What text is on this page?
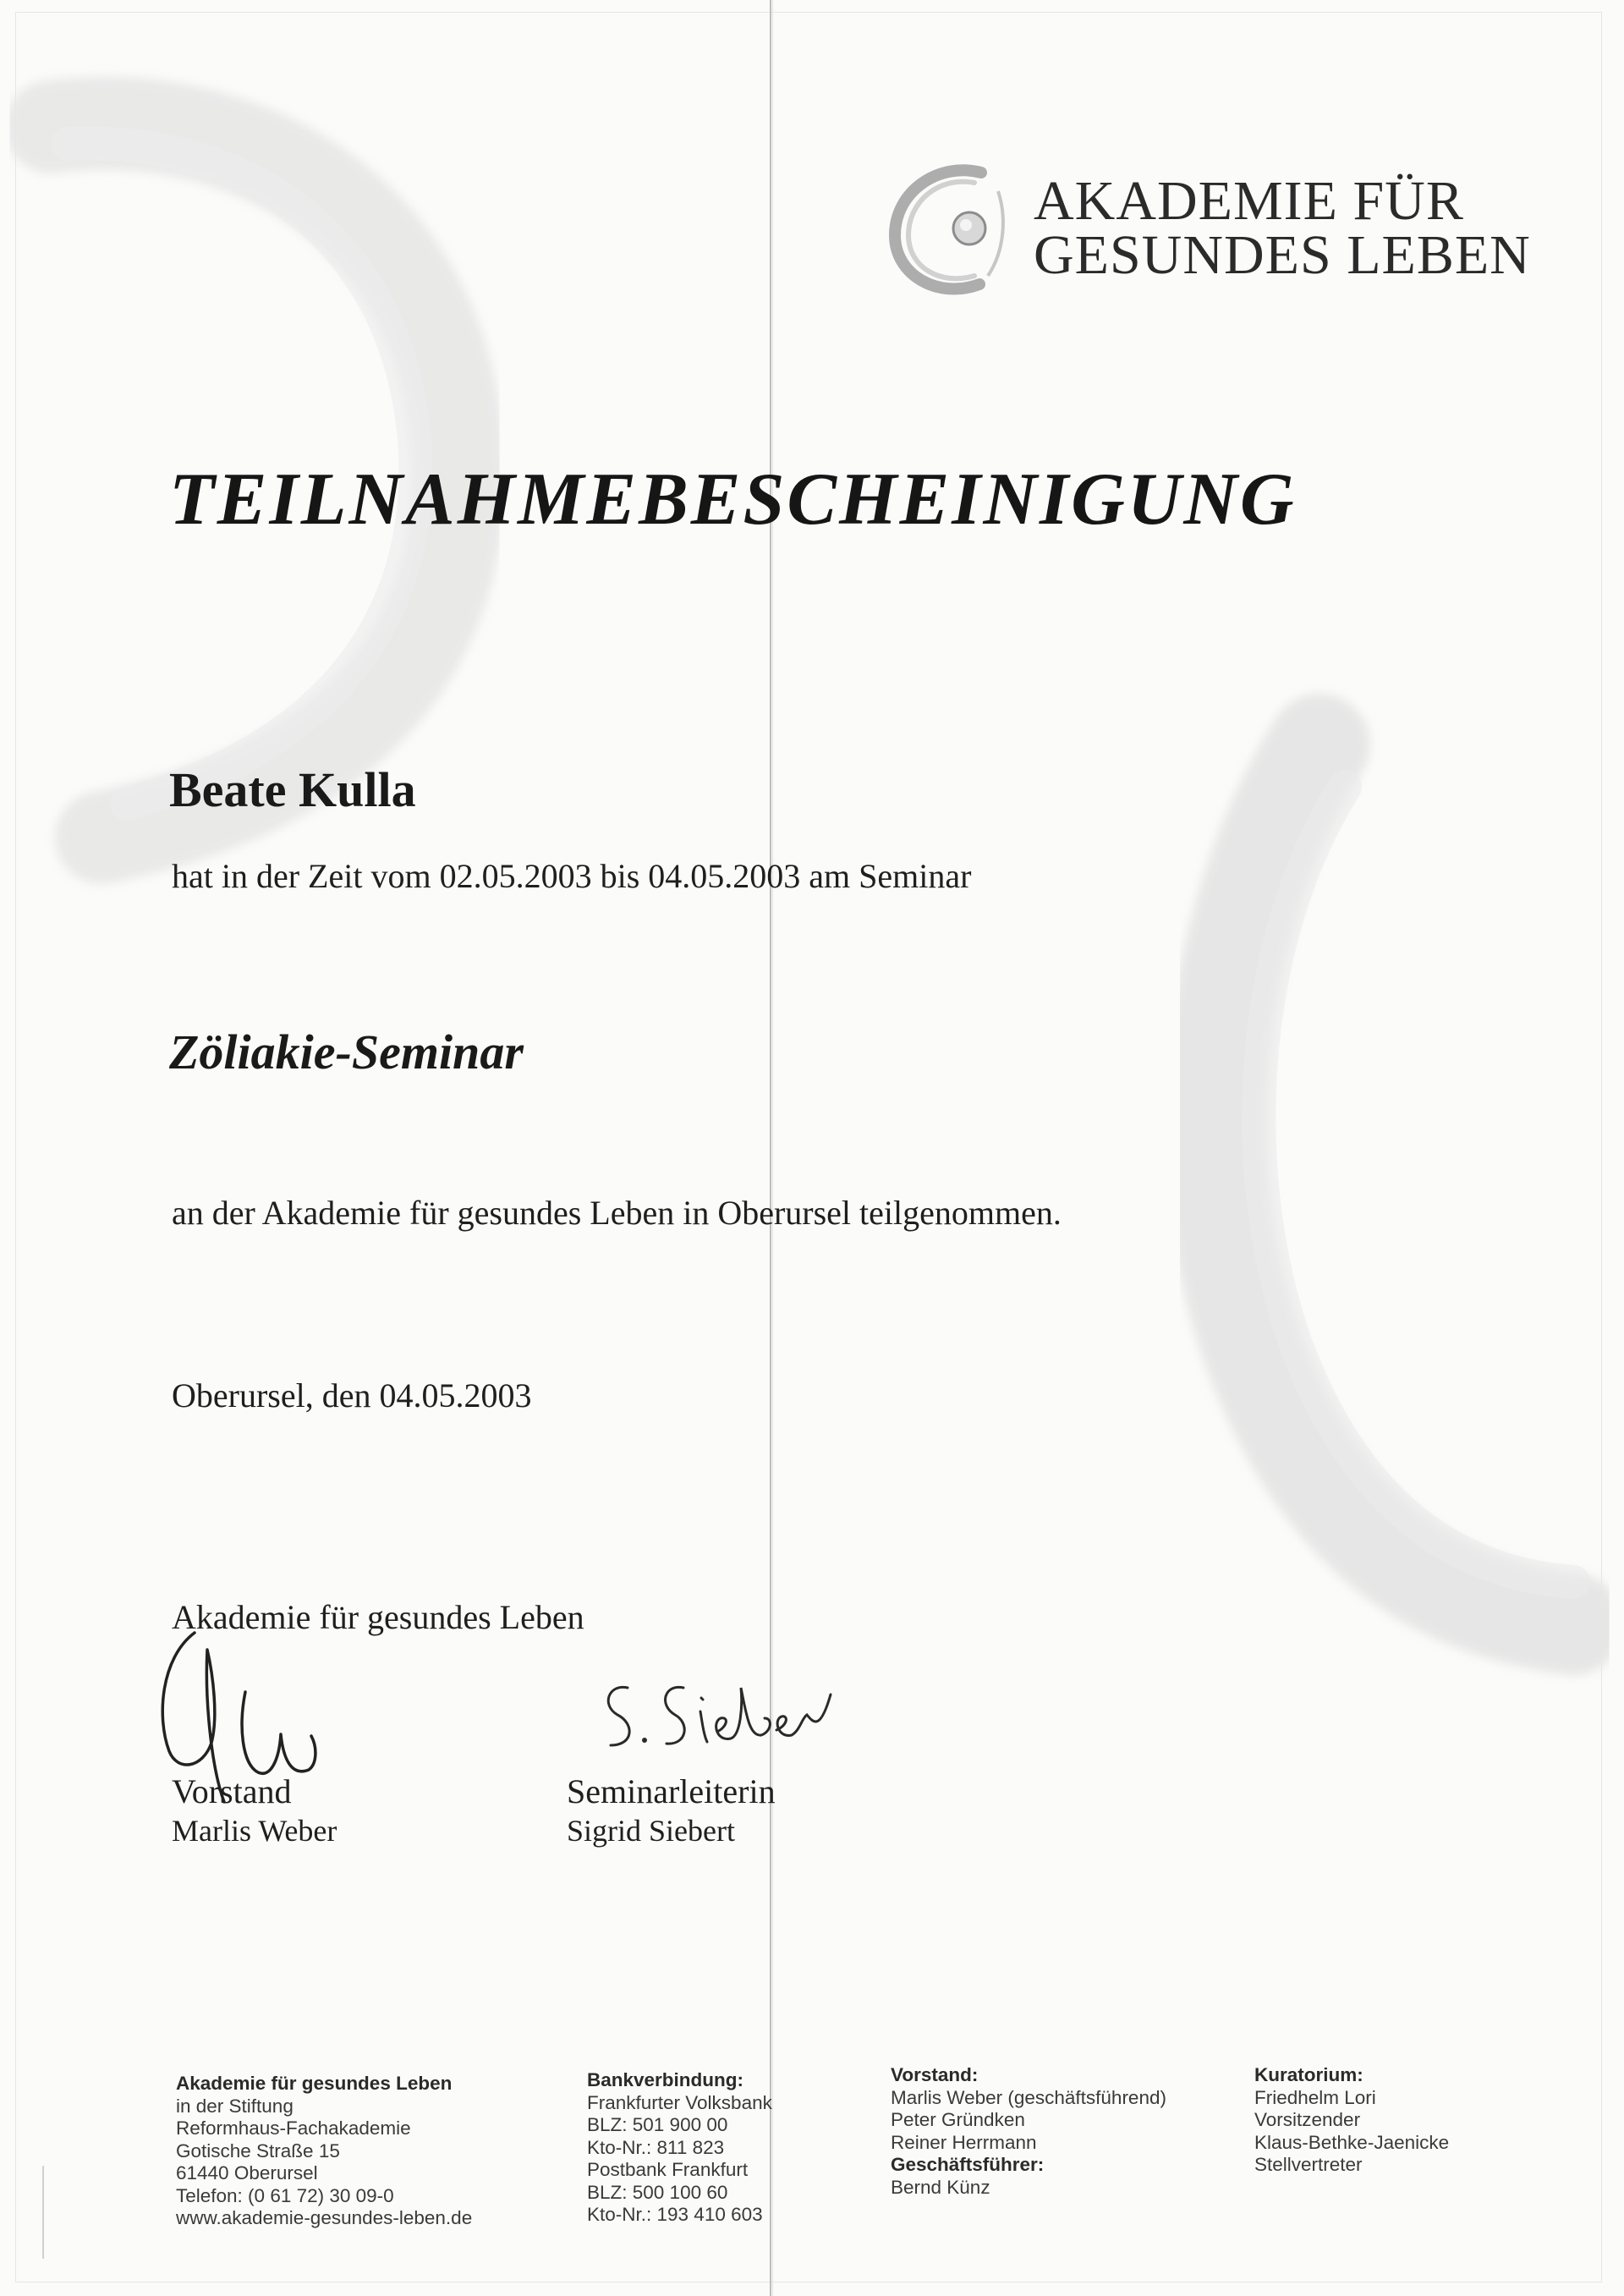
AKADEMIE FÜR
GESUNDES LEBEN
TEILNAHMEBESCHEINIGUNG
Beate Kulla
hat in der Zeit vom 02.05.2003 bis 04.05.2003 am Seminar
Zöliakie-Seminar
an der Akademie für gesundes Leben in Oberursel teilgenommen.
Oberursel, den 04.05.2003
Akademie für gesundes Leben
Vorstand
Marlis Weber
Seminarleiterin
Sigrid Siebert
Akademie für gesundes Leben
in der Stiftung
Reformhaus-Fachakademie
Gotische Straße 15
61440 Oberursel
Telefon: (0 61 72) 30 09-0
www.akademie-gesundes-leben.de
Bankverbindung:
Frankfurter Volksbank
BLZ: 501 900 00
Kto-Nr.: 811 823
Postbank Frankfurt
BLZ: 500 100 60
Kto-Nr.: 193 410 603
Vorstand:
Marlis Weber (geschäftsführend)
Peter Gründken
Reiner Herrmann
Geschäftsführer:
Bernd Künz
Kuratorium:
Friedhelm Lori
Vorsitzender
Klaus-Bethke-Jaenicke
Stellvertreter
